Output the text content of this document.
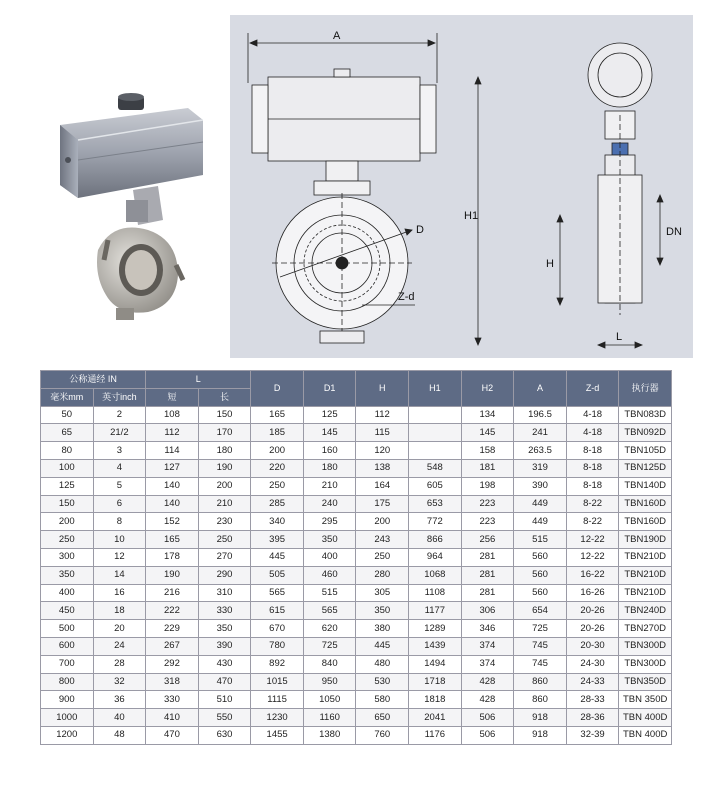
A
H1
D
Z-d
DN
H
L
公称通经 IN		L		D	D1	H	H1	H2	A	Z-d	执行器
毫米mm	英寸inch	短	长								
50	2	108	150	165	125	112		134	196.5	4-18	TBN083D
65	21/2	112	170	185	145	115		145	241	4-18	TBN092D
80	3	114	180	200	160	120		158	263.5	8-18	TBN105D
100	4	127	190	220	180	138	548	181	319	8-18	TBN125D
125	5	140	200	250	210	164	605	198	390	8-18	TBN140D
150	6	140	210	285	240	175	653	223	449	8-22	TBN160D
200	8	152	230	340	295	200	772	223	449	8-22	TBN160D
250	10	165	250	395	350	243	866	256	515	12-22	TBN190D
300	12	178	270	445	400	250	964	281	560	12-22	TBN210D
350	14	190	290	505	460	280	1068	281	560	16-22	TBN210D
400	16	216	310	565	515	305	1108	281	560	16-26	TBN210D
450	18	222	330	615	565	350	1177	306	654	20-26	TBN240D
500	20	229	350	670	620	380	1289	346	725	20-26	TBN270D
600	24	267	390	780	725	445	1439	374	745	20-30	TBN300D
700	28	292	430	892	840	480	1494	374	745	24-30	TBN300D
800	32	318	470	1015	950	530	1718	428	860	24-33	TBN350D
900	36	330	510	1115	1050	580	1818	428	860	28-33	TBN 350D
1000	40	410	550	1230	1160	650	2041	506	918	28-36	TBN 400D
1200	48	470	630	1455	1380	760	1176	506	918	32-39	TBN 400D
